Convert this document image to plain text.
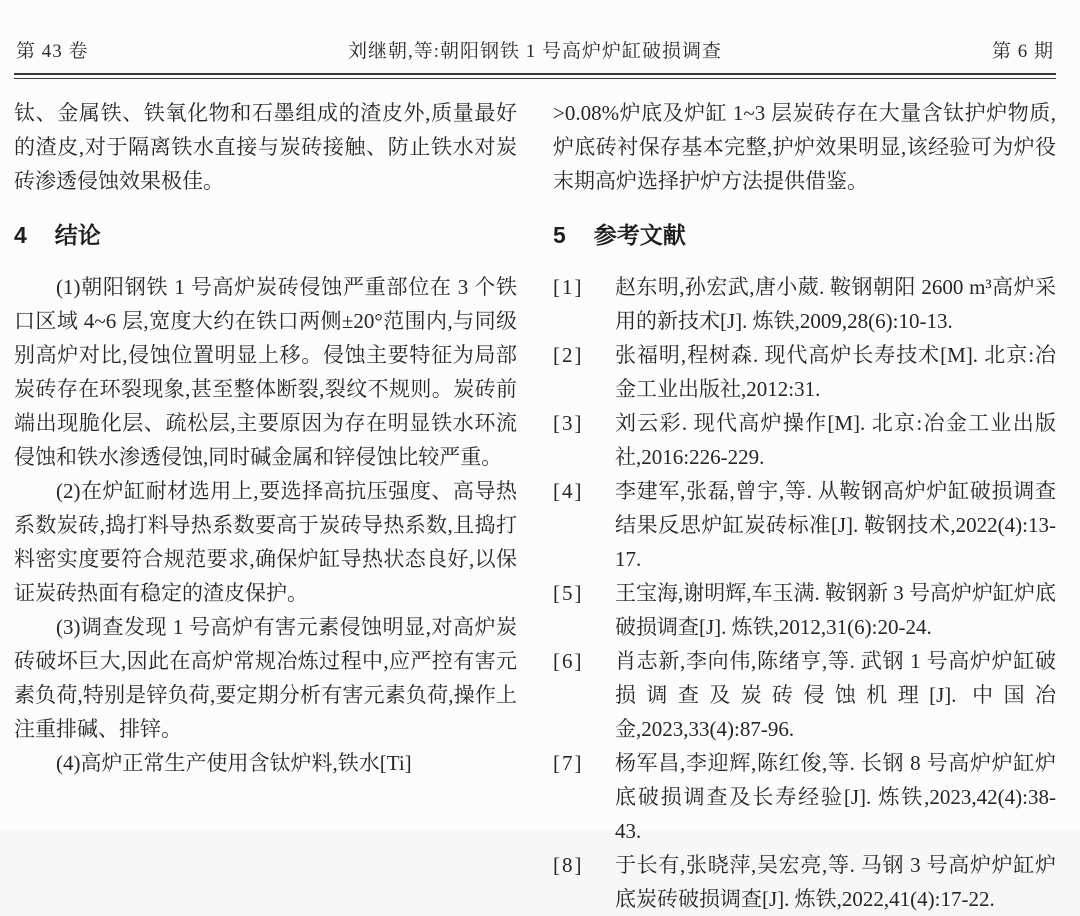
第 43 卷	刘继朝,等:朝阳钢铁 1 号高炉炉缸破损调查	第 6 期

钛、金属铁、铁氧化物和石墨组成的渣皮外,质量最好的渣皮,对于隔离铁水直接与炭砖接触、防止铁水对炭砖渗透侵蚀效果极佳。

4 结论

(1)朝阳钢铁 1 号高炉炭砖侵蚀严重部位在 3 个铁口区域 4~6 层,宽度大约在铁口两侧±20°范围内,与同级别高炉对比,侵蚀位置明显上移。侵蚀主要特征为局部炭砖存在环裂现象,甚至整体断裂,裂纹不规则。炭砖前端出现脆化层、疏松层,主要原因为存在明显铁水环流侵蚀和铁水渗透侵蚀,同时碱金属和锌侵蚀比较严重。

(2)在炉缸耐材选用上,要选择高抗压强度、高导热系数炭砖,捣打料导热系数要高于炭砖导热系数,且捣打料密实度要符合规范要求,确保炉缸导热状态良好,以保证炭砖热面有稳定的渣皮保护。

(3)调查发现 1 号高炉有害元素侵蚀明显,对高炉炭砖破坏巨大,因此在高炉常规冶炼过程中,应严控有害元素负荷,特别是锌负荷,要定期分析有害元素负荷,操作上注重排碱、排锌。

(4)高炉正常生产使用含钛炉料,铁水[Ti]

>0.08%炉底及炉缸 1~3 层炭砖存在大量含钛护炉物质,炉底砖衬保存基本完整,护炉效果明显,该经验可为炉役末期高炉选择护炉方法提供借鉴。

5 参考文献
[1]	赵东明,孙宏武,唐小葳. 鞍钢朝阳 2600 m³高炉采用的新技术[J]. 炼铁,2009,28(6):10-13.
[2]	张福明,程树森. 现代高炉长寿技术[M]. 北京:冶金工业出版社,2012:31.
[3]	刘云彩. 现代高炉操作[M]. 北京:冶金工业出版社,2016:226-229.
[4]	李建军,张磊,曾宇,等. 从鞍钢高炉炉缸破损调查结果反思炉缸炭砖标准[J]. 鞍钢技术,2022(4):13-17.
[5]	王宝海,谢明辉,车玉满. 鞍钢新 3 号高炉炉缸炉底破损调查[J]. 炼铁,2012,31(6):20-24.
[6]	肖志新,李向伟,陈绪亨,等. 武钢 1 号高炉炉缸破损调查及炭砖侵蚀机理[J]. 中国冶金,2023,33(4):87-96.
[7]	杨军昌,李迎辉,陈红俊,等. 长钢 8 号高炉炉缸炉底破损调查及长寿经验[J]. 炼铁,2023,42(4):38-43.
[8]	于长有,张晓萍,吴宏亮,等. 马钢 3 号高炉炉缸炉底炭砖破损调查[J]. 炼铁,2022,41(4):17-22.
